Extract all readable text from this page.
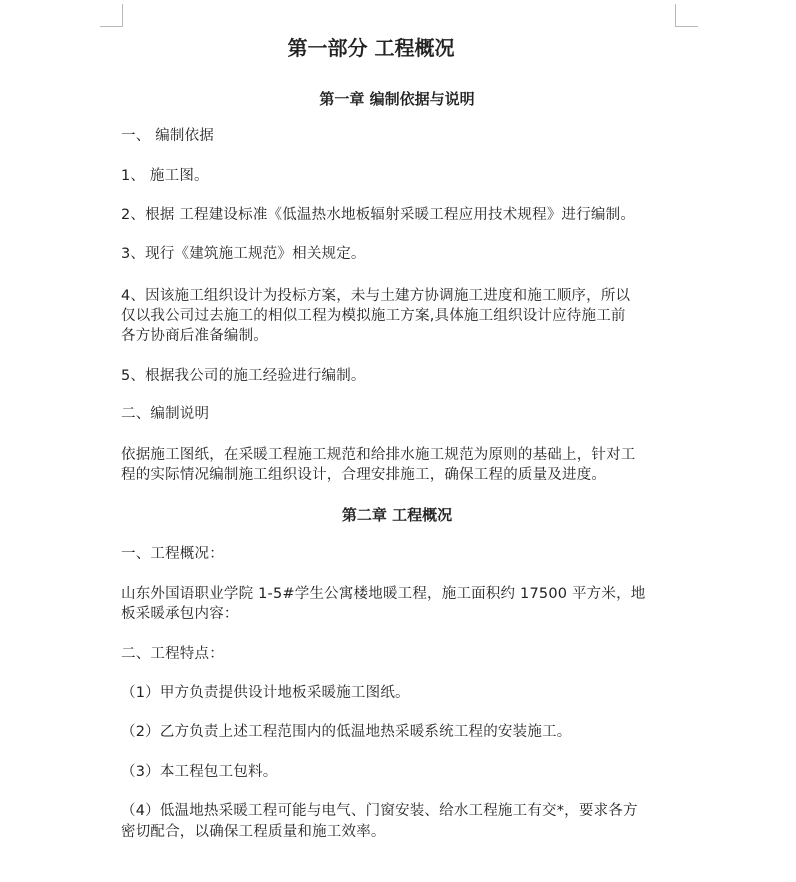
第一部分 工程概况
第一章 编制依据与说明
一、 编制依据
1、 施工图。
2、根据 工程建设标准《低温热水地板辐射采暖工程应用技术规程》进行编制。
3、现行《建筑施工规范》相关规定。
4、因该施工组织设计为投标方案，未与土建方协调施工进度和施工顺序，所以
仅以我公司过去施工的相似工程为模拟施工方案,具体施工组织设计应待施工前
各方协商后准备编制。
5、根据我公司的施工经验进行编制。
二、编制说明
依据施工图纸，在采暖工程施工规范和给排水施工规范为原则的基础上，针对工
程的实际情况编制施工组织设计，合理安排施工，确保工程的质量及进度。
第二章 工程概况
一、工程概况：
山东外国语职业学院 1-5#学生公寓楼地暖工程，施工面积约 17500 平方米，地
板采暖承包内容：
二、工程特点：
（1）甲方负责提供设计地板采暖施工图纸。
（2）乙方负责上述工程范围内的低温地热采暖系统工程的安装施工。
（3）本工程包工包料。
（4）低温地热采暖工程可能与电气、门窗安装、给水工程施工有交*，要求各方
密切配合，以确保工程质量和施工效率。
